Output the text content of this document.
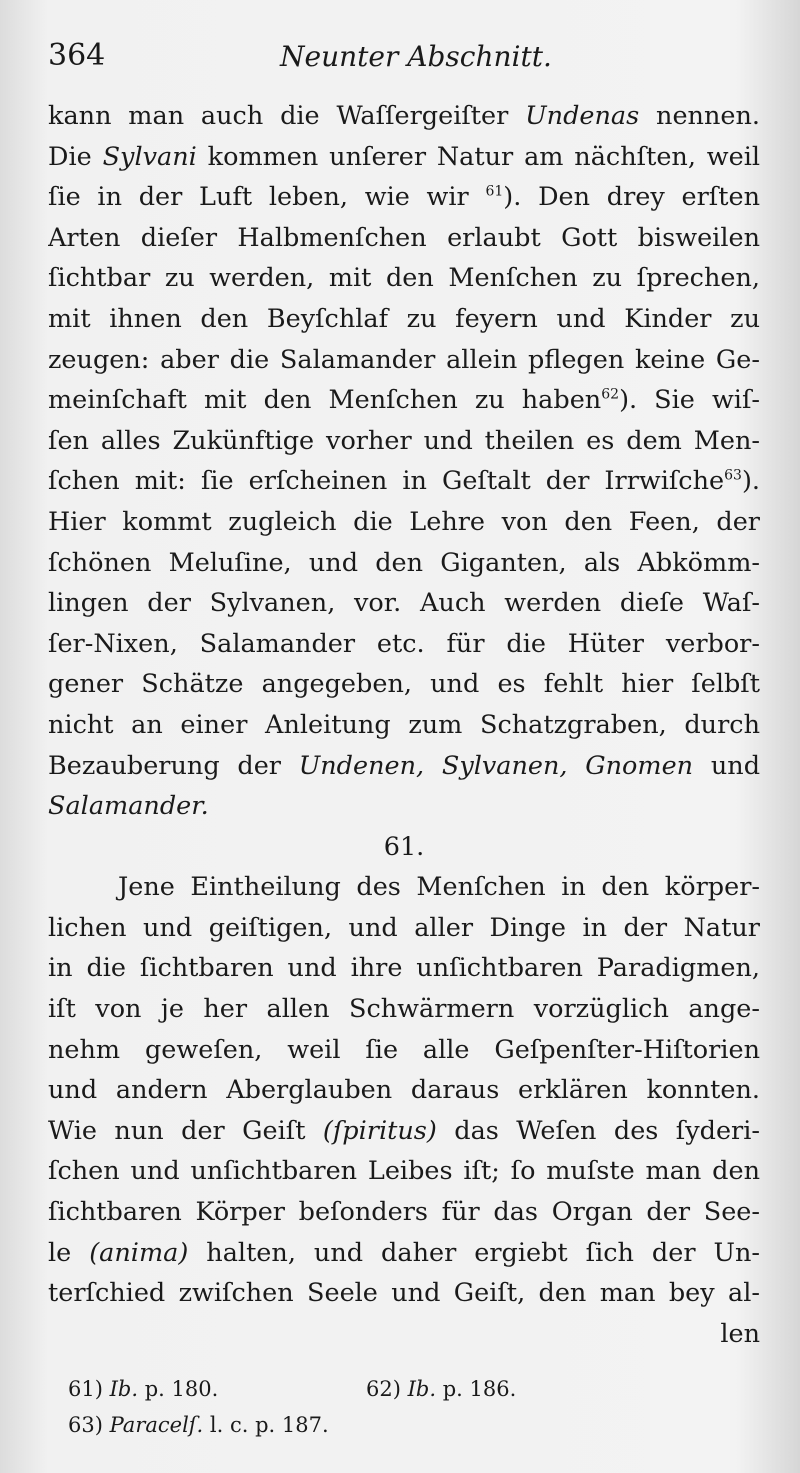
364	Neunter Abschnitt.
kann man auch die Waſſergeiſter Undenas nennen.
Die Sylvani kommen unſerer Natur am nächſten, weil
ſie in der Luft leben, wie wir $^{61}$). Den drey erſten
Arten dieſer Halbmenſchen erlaubt Gott bisweilen
ſichtbar zu werden, mit den Menſchen zu ſprechen,
mit ihnen den Beyſchlaf zu feyern und Kinder zu
zeugen: aber die Salamander allein pflegen keine Ge-
meinſchaft mit den Menſchen zu haben$^{62}$). Sie wiſ-
ſen alles Zukünftige vorher und theilen es dem Men-
ſchen mit: ſie erſcheinen in Geſtalt der Irrwiſche$^{63}$).
Hier kommt zugleich die Lehre von den Feen, der
ſchönen Meluſine, und den Giganten, als Abkömm-
lingen der Sylvanen, vor. Auch werden dieſe Waſ-
ſer-Nixen, Salamander etc. für die Hüter verbor-
gener Schätze angegeben, und es fehlt hier ſelbſt
nicht an einer Anleitung zum Schatzgraben, durch
Bezauberung der Undenen, Sylvanen, Gnomen und
Salamander.
61.
Jene Eintheilung des Menſchen in den körper-
lichen und geiſtigen, und aller Dinge in der Natur
in die ſichtbaren und ihre unſichtbaren Paradigmen,
iſt von je her allen Schwärmern vorzüglich ange-
nehm geweſen, weil ſie alle Geſpenſter-Hiſtorien
und andern Aberglauben daraus erklären konnten.
Wie nun der Geiſt (ſpiritus) das Weſen des ſyderi-
ſchen und unſichtbaren Leibes iſt; ſo muſste man den
ſichtbaren Körper beſonders für das Organ der See-
le (anima) halten, und daher ergiebt ſich der Un-
terſchied zwiſchen Seele und Geiſt, den man bey al-
len
61) Ib. p. 180.	62) Ib. p. 186.
63) Paracelſ. l. c. p. 187.
